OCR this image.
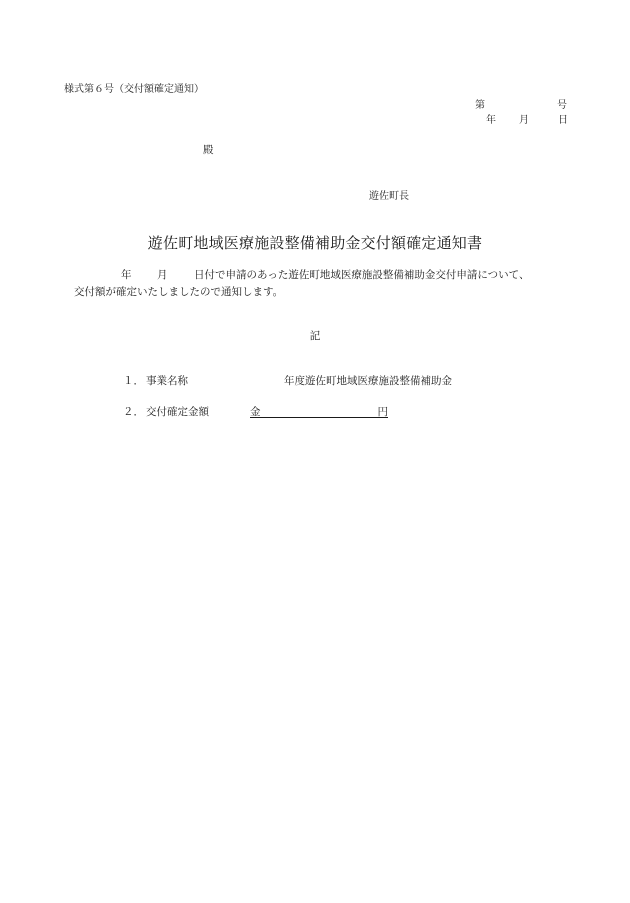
様式第６号（交付額確定通知）
第	号
年 月	日
殿
遊佐町長
遊佐町地域医療施設整備補助金交付額確定通知書
年 月	日付で申請のあった遊佐町地域医療施設整備補助金交付申請について、
交付額が確定いたしましたので通知します。
記
１． 事業名称	年度遊佐町地域医療施設整備補助金
２． 交付確定金額	金	円
